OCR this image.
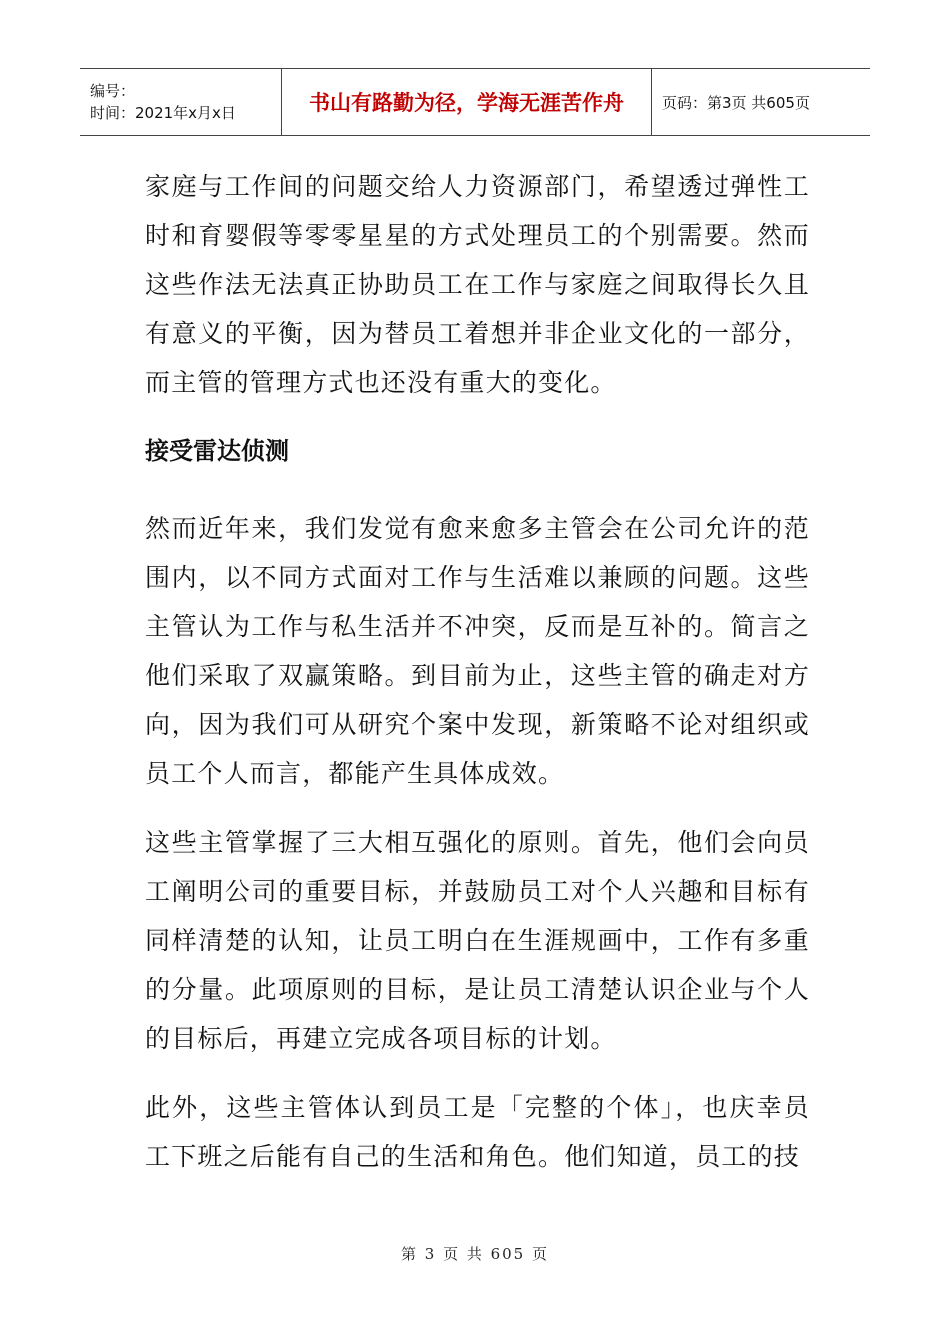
编号：
时间：2021年x月x日	书山有路勤为径，学海无涯苦作舟	页码：第3页 共605页

家庭与工作间的问题交给人力资源部门，希望透过弹性工时和育婴假等零零星星的方式处理员工的个别需要。然而这些作法无法真正协助员工在工作与家庭之间取得长久且有意义的平衡，因为替员工着想并非企业文化的一部分，而主管的管理方式也还没有重大的变化。

接受雷达侦测

然而近年来，我们发觉有愈来愈多主管会在公司允许的范围内，以不同方式面对工作与生活难以兼顾的问题。这些主管认为工作与私生活并不冲突，反而是互补的。简言之他们采取了双赢策略。到目前为止，这些主管的确走对方向，因为我们可从研究个案中发现，新策略不论对组织或员工个人而言，都能产生具体成效。

这些主管掌握了三大相互强化的原则。首先，他们会向员工阐明公司的重要目标，并鼓励员工对个人兴趣和目标有同样清楚的认知，让员工明白在生涯规画中，工作有多重的分量。此项原则的目标，是让员工清楚认识企业与个人的目标后，再建立完成各项目标的计划。

此外，这些主管体认到员工是「完整的个体」，也庆幸员工下班之后能有自己的生活和角色。他们知道，员工的技

第 3 页 共 605 页
